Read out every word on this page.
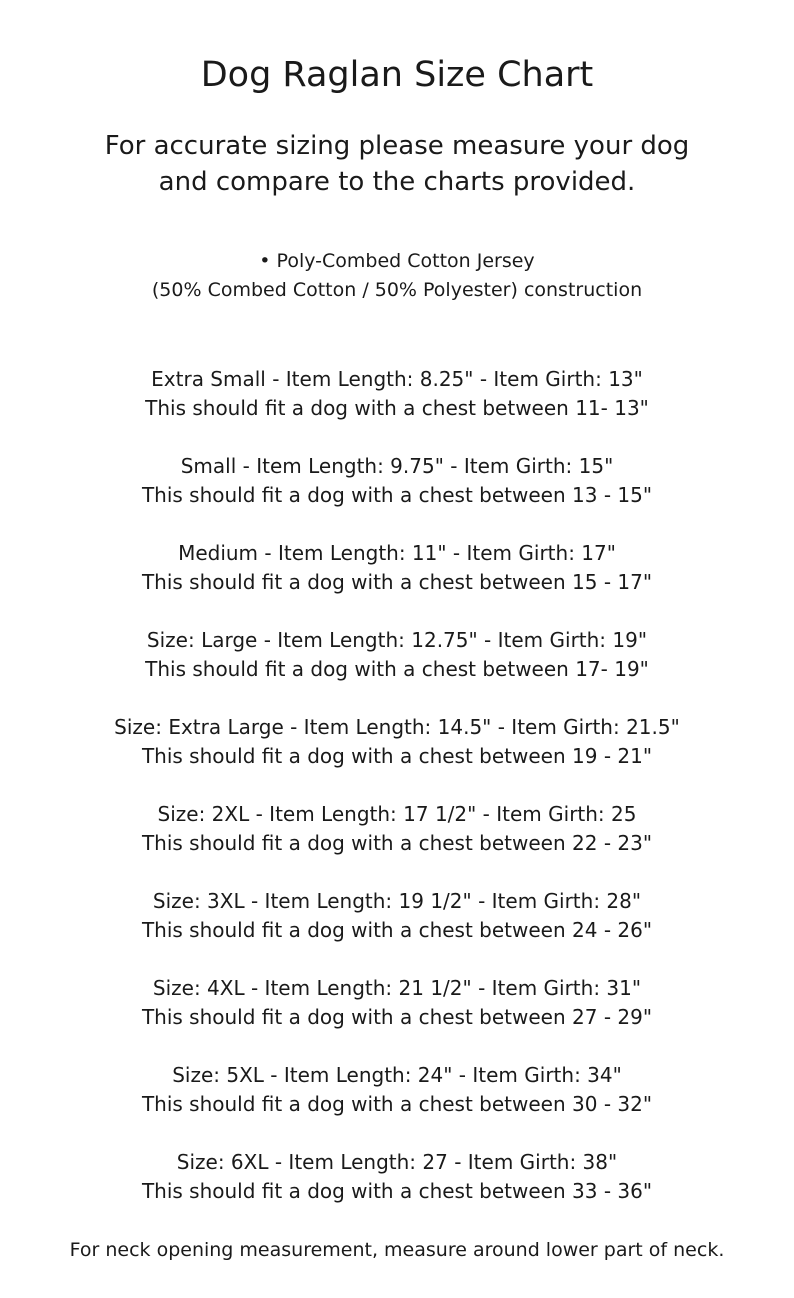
Dog Raglan Size Chart
For accurate sizing please measure your dog
and compare to the charts provided.
• Poly-Combed Cotton Jersey
(50% Combed Cotton / 50% Polyester) construction
Extra Small - Item Length: 8.25" - Item Girth: 13"
This should fit a dog with a chest between 11- 13"
Small - Item Length: 9.75" - Item Girth: 15"
This should fit a dog with a chest between 13 - 15"
Medium - Item Length: 11" - Item Girth: 17"
This should fit a dog with a chest between 15 - 17"
Size: Large - Item Length: 12.75" - Item Girth: 19"
This should fit a dog with a chest between 17- 19"
Size: Extra Large - Item Length: 14.5" - Item Girth: 21.5"
This should fit a dog with a chest between 19 - 21"
Size: 2XL - Item Length: 17 1/2" - Item Girth: 25
This should fit a dog with a chest between 22 - 23"
Size: 3XL - Item Length: 19 1/2" - Item Girth: 28"
This should fit a dog with a chest between 24 - 26"
Size: 4XL - Item Length: 21 1/2" - Item Girth: 31"
This should fit a dog with a chest between 27 - 29"
Size: 5XL - Item Length: 24" - Item Girth: 34"
This should fit a dog with a chest between 30 - 32"
Size: 6XL - Item Length: 27 - Item Girth: 38"
This should fit a dog with a chest between 33 - 36"
For neck opening measurement, measure around lower part of neck.
